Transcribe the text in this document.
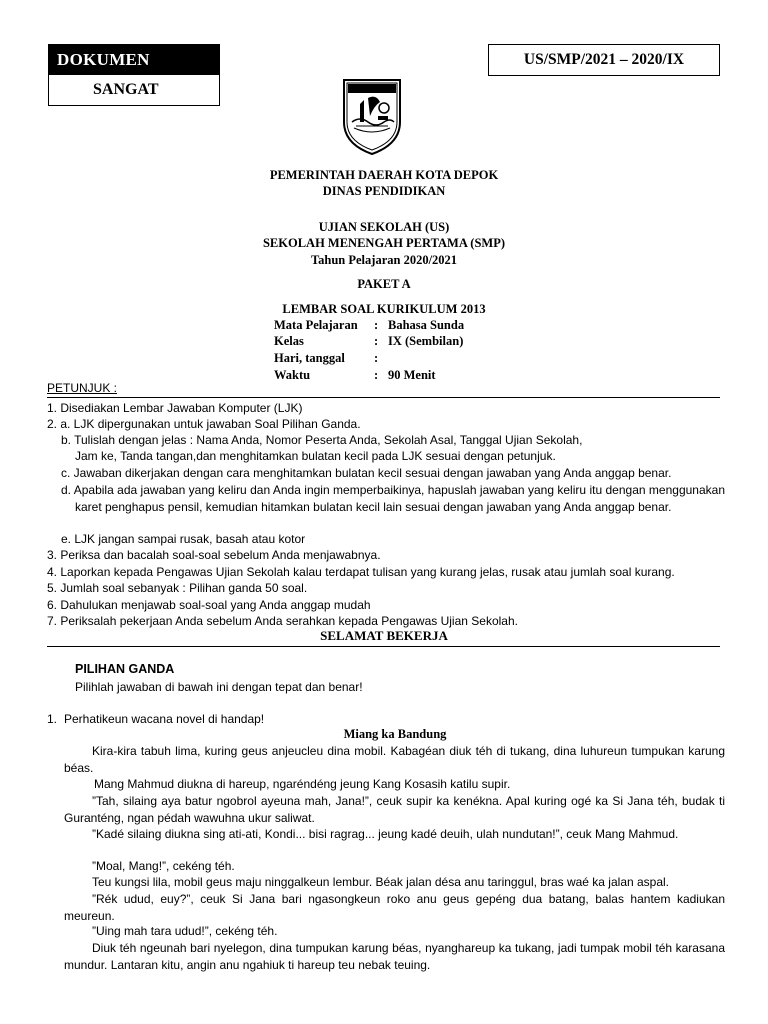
DOKUMEN
SANGAT
US/SMP/2021 – 2020/IX
PEMERINTAH DAERAH KOTA DEPOK
DINAS PENDIDIKAN
UJIAN SEKOLAH (US)
SEKOLAH MENENGAH PERTAMA (SMP)
Tahun Pelajaran 2020/2021
PAKET A
LEMBAR SOAL KURIKULUM 2013
Mata Pelajaran : Bahasa Sunda
Kelas	: IX (Sembilan)
Hari, tanggal :
Waktu	: 90 Menit
PETUNJUK :
1. Disediakan Lembar Jawaban Komputer (LJK)
2. a. LJK dipergunakan untuk jawaban Soal Pilihan Ganda.
b. Tulislah dengan jelas : Nama Anda, Nomor Peserta Anda, Sekolah Asal, Tanggal Ujian Sekolah,
Jam ke, Tanda tangan,dan menghitamkan bulatan kecil pada LJK sesuai dengan petunjuk.
c. Jawaban dikerjakan dengan cara menghitamkan bulatan kecil sesuai dengan jawaban yang Anda anggap benar.
d. Apabila ada jawaban yang keliru dan Anda ingin memperbaikinya, hapuslah jawaban yang keliru itu dengan menggunakan karet penghapus pensil, kemudian hitamkan bulatan kecil lain sesuai dengan jawaban yang Anda anggap benar.
e. LJK jangan sampai rusak, basah atau kotor
3. Periksa dan bacalah soal-soal sebelum Anda menjawabnya.
4. Laporkan kepada Pengawas Ujian Sekolah kalau terdapat tulisan yang kurang jelas, rusak atau jumlah soal kurang.
5. Jumlah soal sebanyak : Pilihan ganda 50 soal.
6. Dahulukan menjawab soal-soal yang Anda anggap mudah
7. Periksalah pekerjaan Anda sebelum Anda serahkan kepada Pengawas Ujian Sekolah.
SELAMAT BEKERJA
PILIHAN GANDA
Pilihlah jawaban di bawah ini dengan tepat dan benar!
1. Perhatikeun wacana novel di handap!
Miang ka Bandung
Kira-kira tabuh lima, kuring geus anjeucleu dina mobil. Kabagéan diuk téh di tukang, dina luhureun tumpukan karung béas.
Mang Mahmud diukna di hareup, ngaréndéng jeung Kang Kosasih katilu supir.
”Tah, silaing aya batur ngobrol ayeuna mah, Jana!”, ceuk supir ka kenékna. Apal kuring ogé ka Si Jana téh, budak ti Guranténg, ngan pédah wawuhna ukur saliwat.
”Kadé silaing diukna sing ati-ati, Kondi... bisi ragrag... jeung kadé deuih, ulah nundutan!”, ceuk Mang Mahmud.
”Moal, Mang!”, cekéng téh.
Teu kungsi lila, mobil geus maju ninggalkeun lembur. Béak jalan désa anu taringgul, bras waé ka jalan aspal.
”Rék udud, euy?”, ceuk Si Jana bari ngasongkeun roko anu geus gepéng dua batang, balas hantem kadiukan meureun.
”Uing mah tara udud!”, cekéng téh.
Diuk téh ngeunah bari nyelegon, dina tumpukan karung béas, nyanghareup ka tukang, jadi tumpak mobil téh karasana mundur. Lantaran kitu, angin anu ngahiuk ti hareup teu nebak teuing.
